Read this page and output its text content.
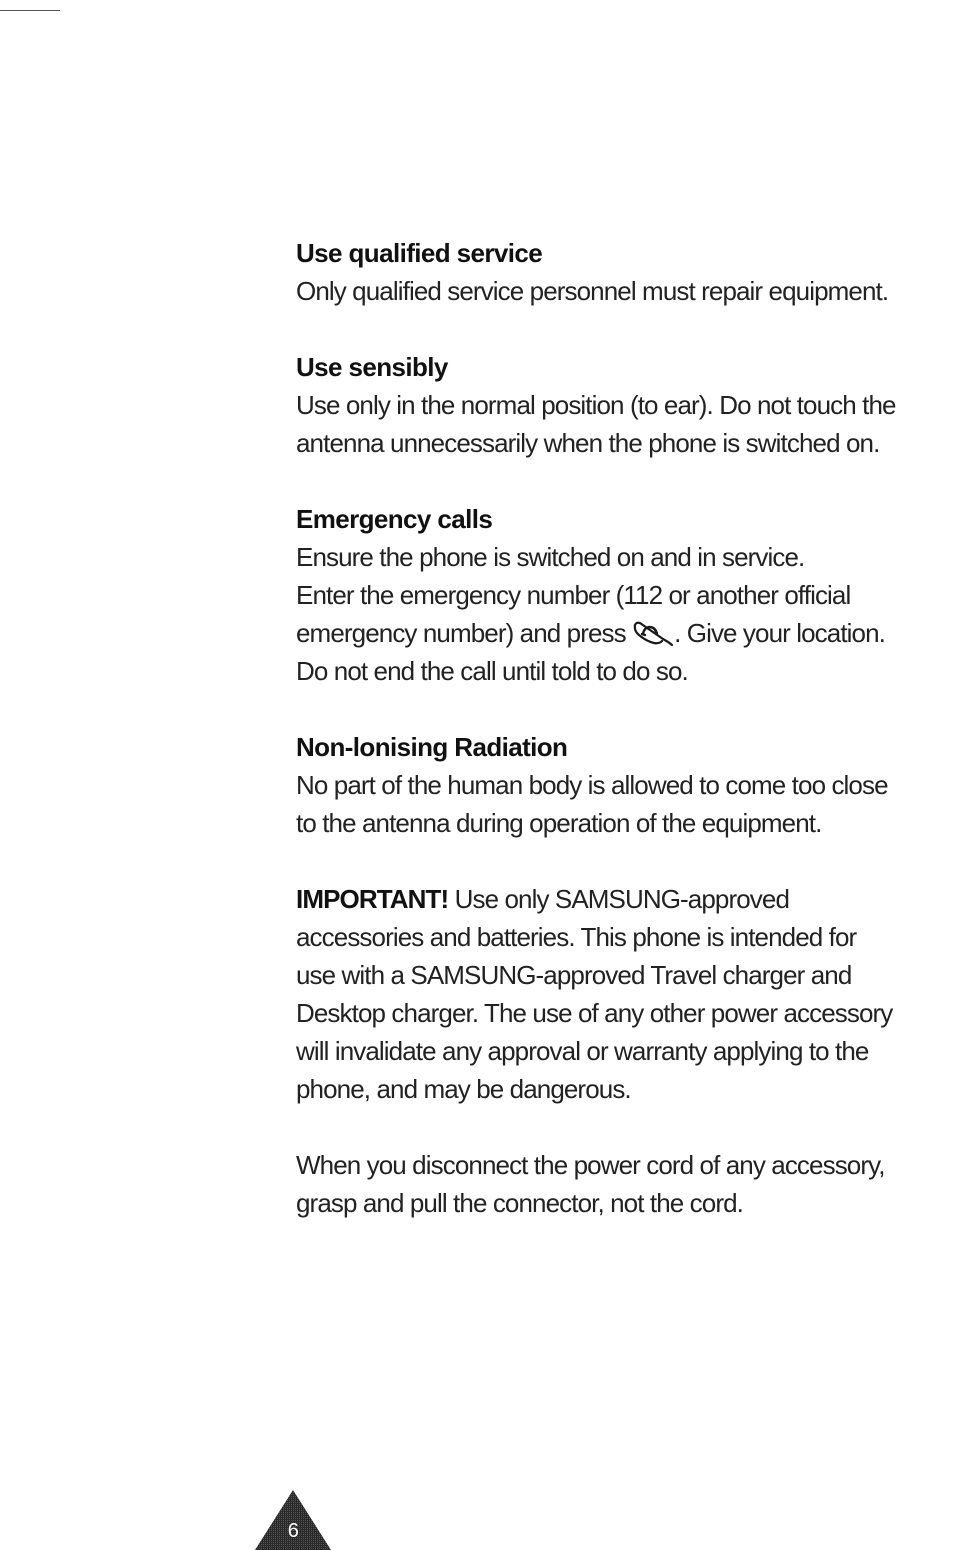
Use qualified service
Only qualified service personnel must repair equipment.
Use sensibly
Use only in the normal position (to ear). Do not touch the
antenna unnecessarily when the phone is switched on.
Emergency calls
Ensure the phone is switched on and in service.
Enter the emergency number (112 or another official
emergency number) and press . Give your location.
Do not end the call until told to do so.
Non-lonising Radiation
No part of the human body is allowed to come too close
to the antenna during operation of the equipment.
IMPORTANT! Use only SAMSUNG-approved
accessories and batteries. This phone is intended for
use with a SAMSUNG-approved Travel charger and
Desktop charger. The use of any other power accessory
will invalidate any approval or warranty applying to the
phone, and may be dangerous.
When you disconnect the power cord of any accessory,
grasp and pull the connector, not the cord.
6
